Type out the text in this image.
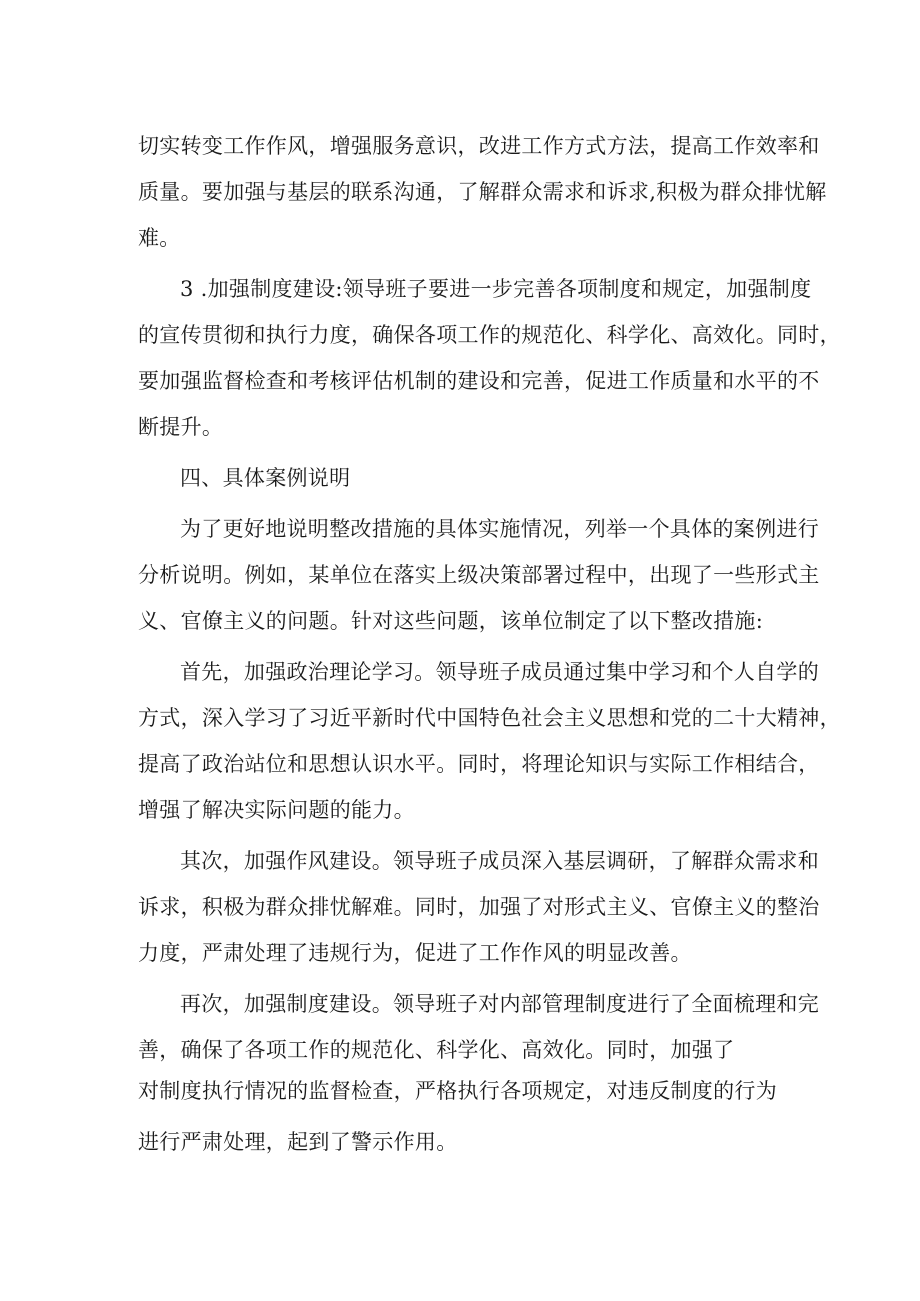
切实转变工作作风，增强服务意识，改进工作方式方法，提高工作效率和
质量。要加强与基层的联系沟通，了解群众需求和诉求,积极为群众排忧解
难。
3 .加强制度建设:领导班子要进一步完善各项制度和规定，加强制度
的宣传贯彻和执行力度，确保各项工作的规范化、科学化、高效化。同时，
要加强监督检查和考核评估机制的建设和完善，促进工作质量和水平的不
断提升。
四、具体案例说明
为了更好地说明整改措施的具体实施情况，列举一个具体的案例进行
分析说明。例如，某单位在落实上级决策部署过程中，出现了一些形式主
义、官僚主义的问题。针对这些问题，该单位制定了以下整改措施:
首先，加强政治理论学习。领导班子成员通过集中学习和个人自学的
方式，深入学习了习近平新时代中国特色社会主义思想和党的二十大精神，
提高了政治站位和思想认识水平。同时，将理论知识与实际工作相结合，
增强了解决实际问题的能力。
其次，加强作风建设。领导班子成员深入基层调研，了解群众需求和
诉求，积极为群众排忧解难。同时，加强了对形式主义、官僚主义的整治
力度，严肃处理了违规行为，促进了工作作风的明显改善。
再次，加强制度建设。领导班子对内部管理制度进行了全面梳理和完
善，确保了各项工作的规范化、科学化、高效化。同时，加强了
对制度执行情况的监督检查，严格执行各项规定，对违反制度的行为
进行严肃处理，起到了警示作用。
